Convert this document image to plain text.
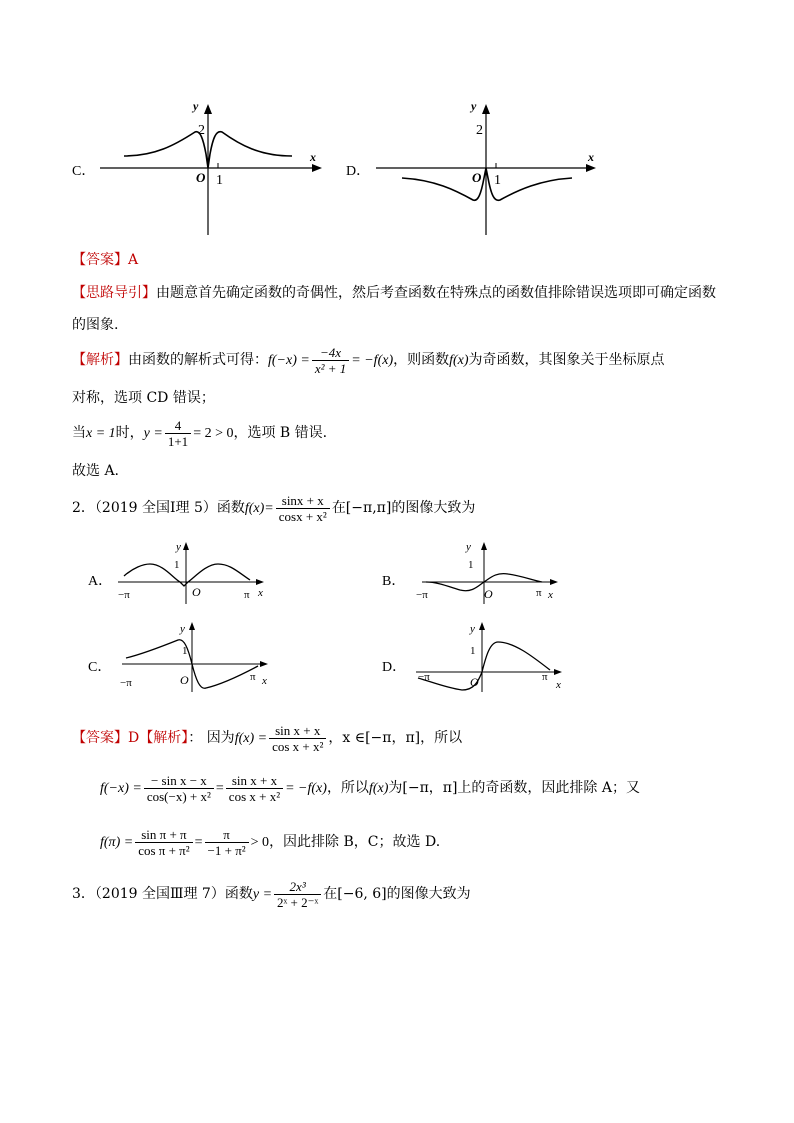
C．
y
x
2
O 1
D．
y
x
2
O 1
【答案】A
【思路导引】由题意首先确定函数的奇偶性，然后考查函数在特殊点的函数值排除错误选项即可确定函数
的图象.
【解析】由函数的解析式可得：$f(-x) = \frac{-4x}{\text{x² + 1}} = -f(x)$，则函数f(x)为奇函数，其图象关于坐标原点
对称，选项 CD 错误；
当x = 1时，$y = \frac{4}{1+1} = 2 > 0$，选项 B 错误.
故选 A.
2．（2019 全国Ⅰ理 5）函数$f(x)= \frac{\sin x + x}{\text{cosx + x²}}$ 在[−π,π]的图像大致为
A．
y
1
O
−π	π x
B．
y
1
O
−π	π x
C．
y
1
O
−π	π x
D．
y
1
O
−π	π
x
【答案】D【解析】： 因为$f(x) = \frac{\text{sin x + x}}{\text{cos x + x²}}$ ，x ∈[−π，π]，所以
$f(-x) = \frac{\text{− sin x − x}}{\text{cos(−x) + x²}} = \frac{\text{sin x + x}}{\text{cos x + x²}} = -f(x)$，所以f(x)为[−π，π]上的奇函数，因此排除 A；又
$f(\pi) = \frac{\text{sin π + π}}{\text{cos π + π²}} = \frac{\pi}{\text{−1 + π²}} > 0$，因此排除 B，C；故选 D.
3．（2019 全国Ⅲ理 7）函数$y = \frac{\text{2x³}}{\text{2ˣ + 2⁻ˣ}}$ 在[−6, 6]的图像大致为
